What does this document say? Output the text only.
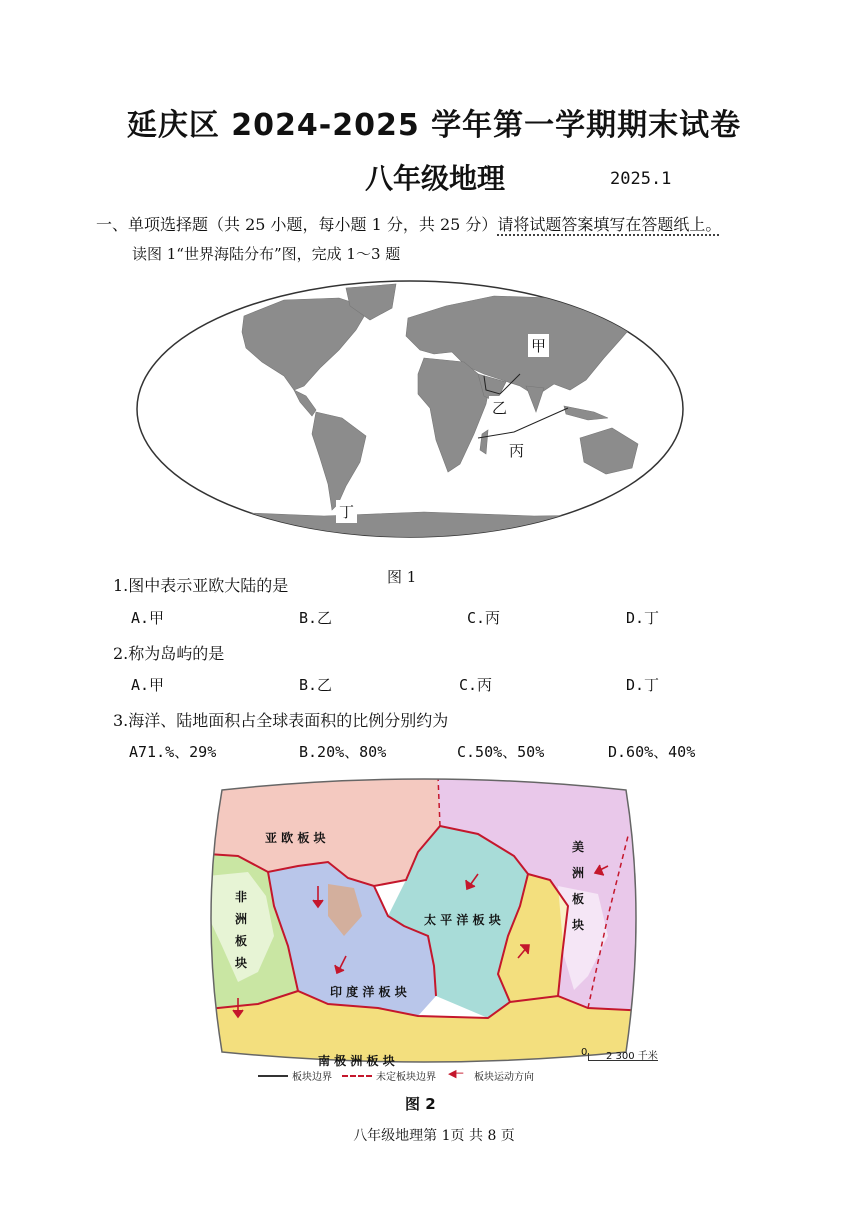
延庆区 2024-2025 学年第一学期期末试卷
八年级地理	2025.1
一、单项选择题（共 25 小题，每小题 1 分，共 25 分）请将试题答案填写在答题纸上。
读图 1“世界海陆分布”图，完成 1～3 题
甲
乙
丙
丁
图 1
1.图中表示亚欧大陆的是
A.甲	B.乙	C.丙	D.丁
2.称为岛屿的是
A.甲	B.乙	C.丙	D.丁
3.海洋、陆地面积占全球表面积的比例分别约为
A71.%、29%	B.20%、80%	C.50%、50%	D.60%、40%
亚 欧 板 块
非 洲 板 块
太 平 洋 板 块
印 度 洋 板 块
美 洲 板 块
南 极 洲 板 块
0 2 300 千米
板块边界	未定板块边界 ◀─ 板块运动方向
图 2
八年级地理第 1页 共 8 页
